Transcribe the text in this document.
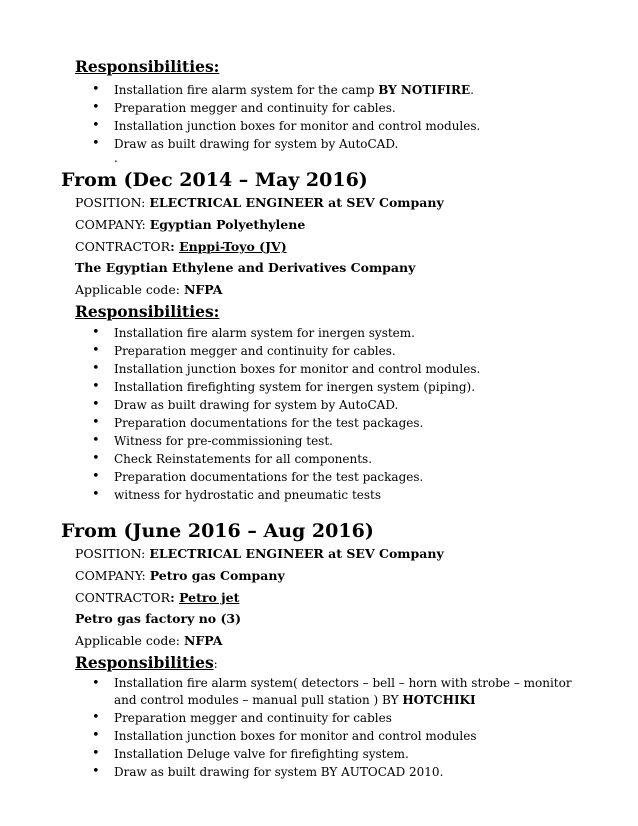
Responsibilities:
• Installation fire alarm system for the camp BY NOTIFIRE.
• Preparation megger and continuity for cables.
• Installation junction boxes for monitor and control modules.
• Draw as built drawing for system by AutoCAD.
.
From (Dec 2014 – May 2016)
POSITION: ELECTRICAL ENGINEER at SEV Company
COMPANY: Egyptian Polyethylene
CONTRACTOR: Enppi-Toyo (JV)
The Egyptian Ethylene and Derivatives Company
Applicable code: NFPA
Responsibilities:
• Installation fire alarm system for inergen system.
• Preparation megger and continuity for cables.
• Installation junction boxes for monitor and control modules.
• Installation firefighting system for inergen system (piping).
• Draw as built drawing for system by AutoCAD.
• Preparation documentations for the test packages.
• Witness for pre-commissioning test.
• Check Reinstatements for all components.
• Preparation documentations for the test packages.
• witness for hydrostatic and pneumatic tests
From (June 2016 – Aug 2016)
POSITION: ELECTRICAL ENGINEER at SEV Company
COMPANY: Petro gas Company
CONTRACTOR: Petro jet
Petro gas factory no (3)
Applicable code: NFPA
Responsibilities:
• Installation fire alarm system( detectors – bell – horn with strobe – monitor and control modules – manual pull station ) BY HOTCHIKI
• Preparation megger and continuity for cables
• Installation junction boxes for monitor and control modules
• Installation Deluge valve for firefighting system.
• Draw as built drawing for system BY AUTOCAD 2010.
